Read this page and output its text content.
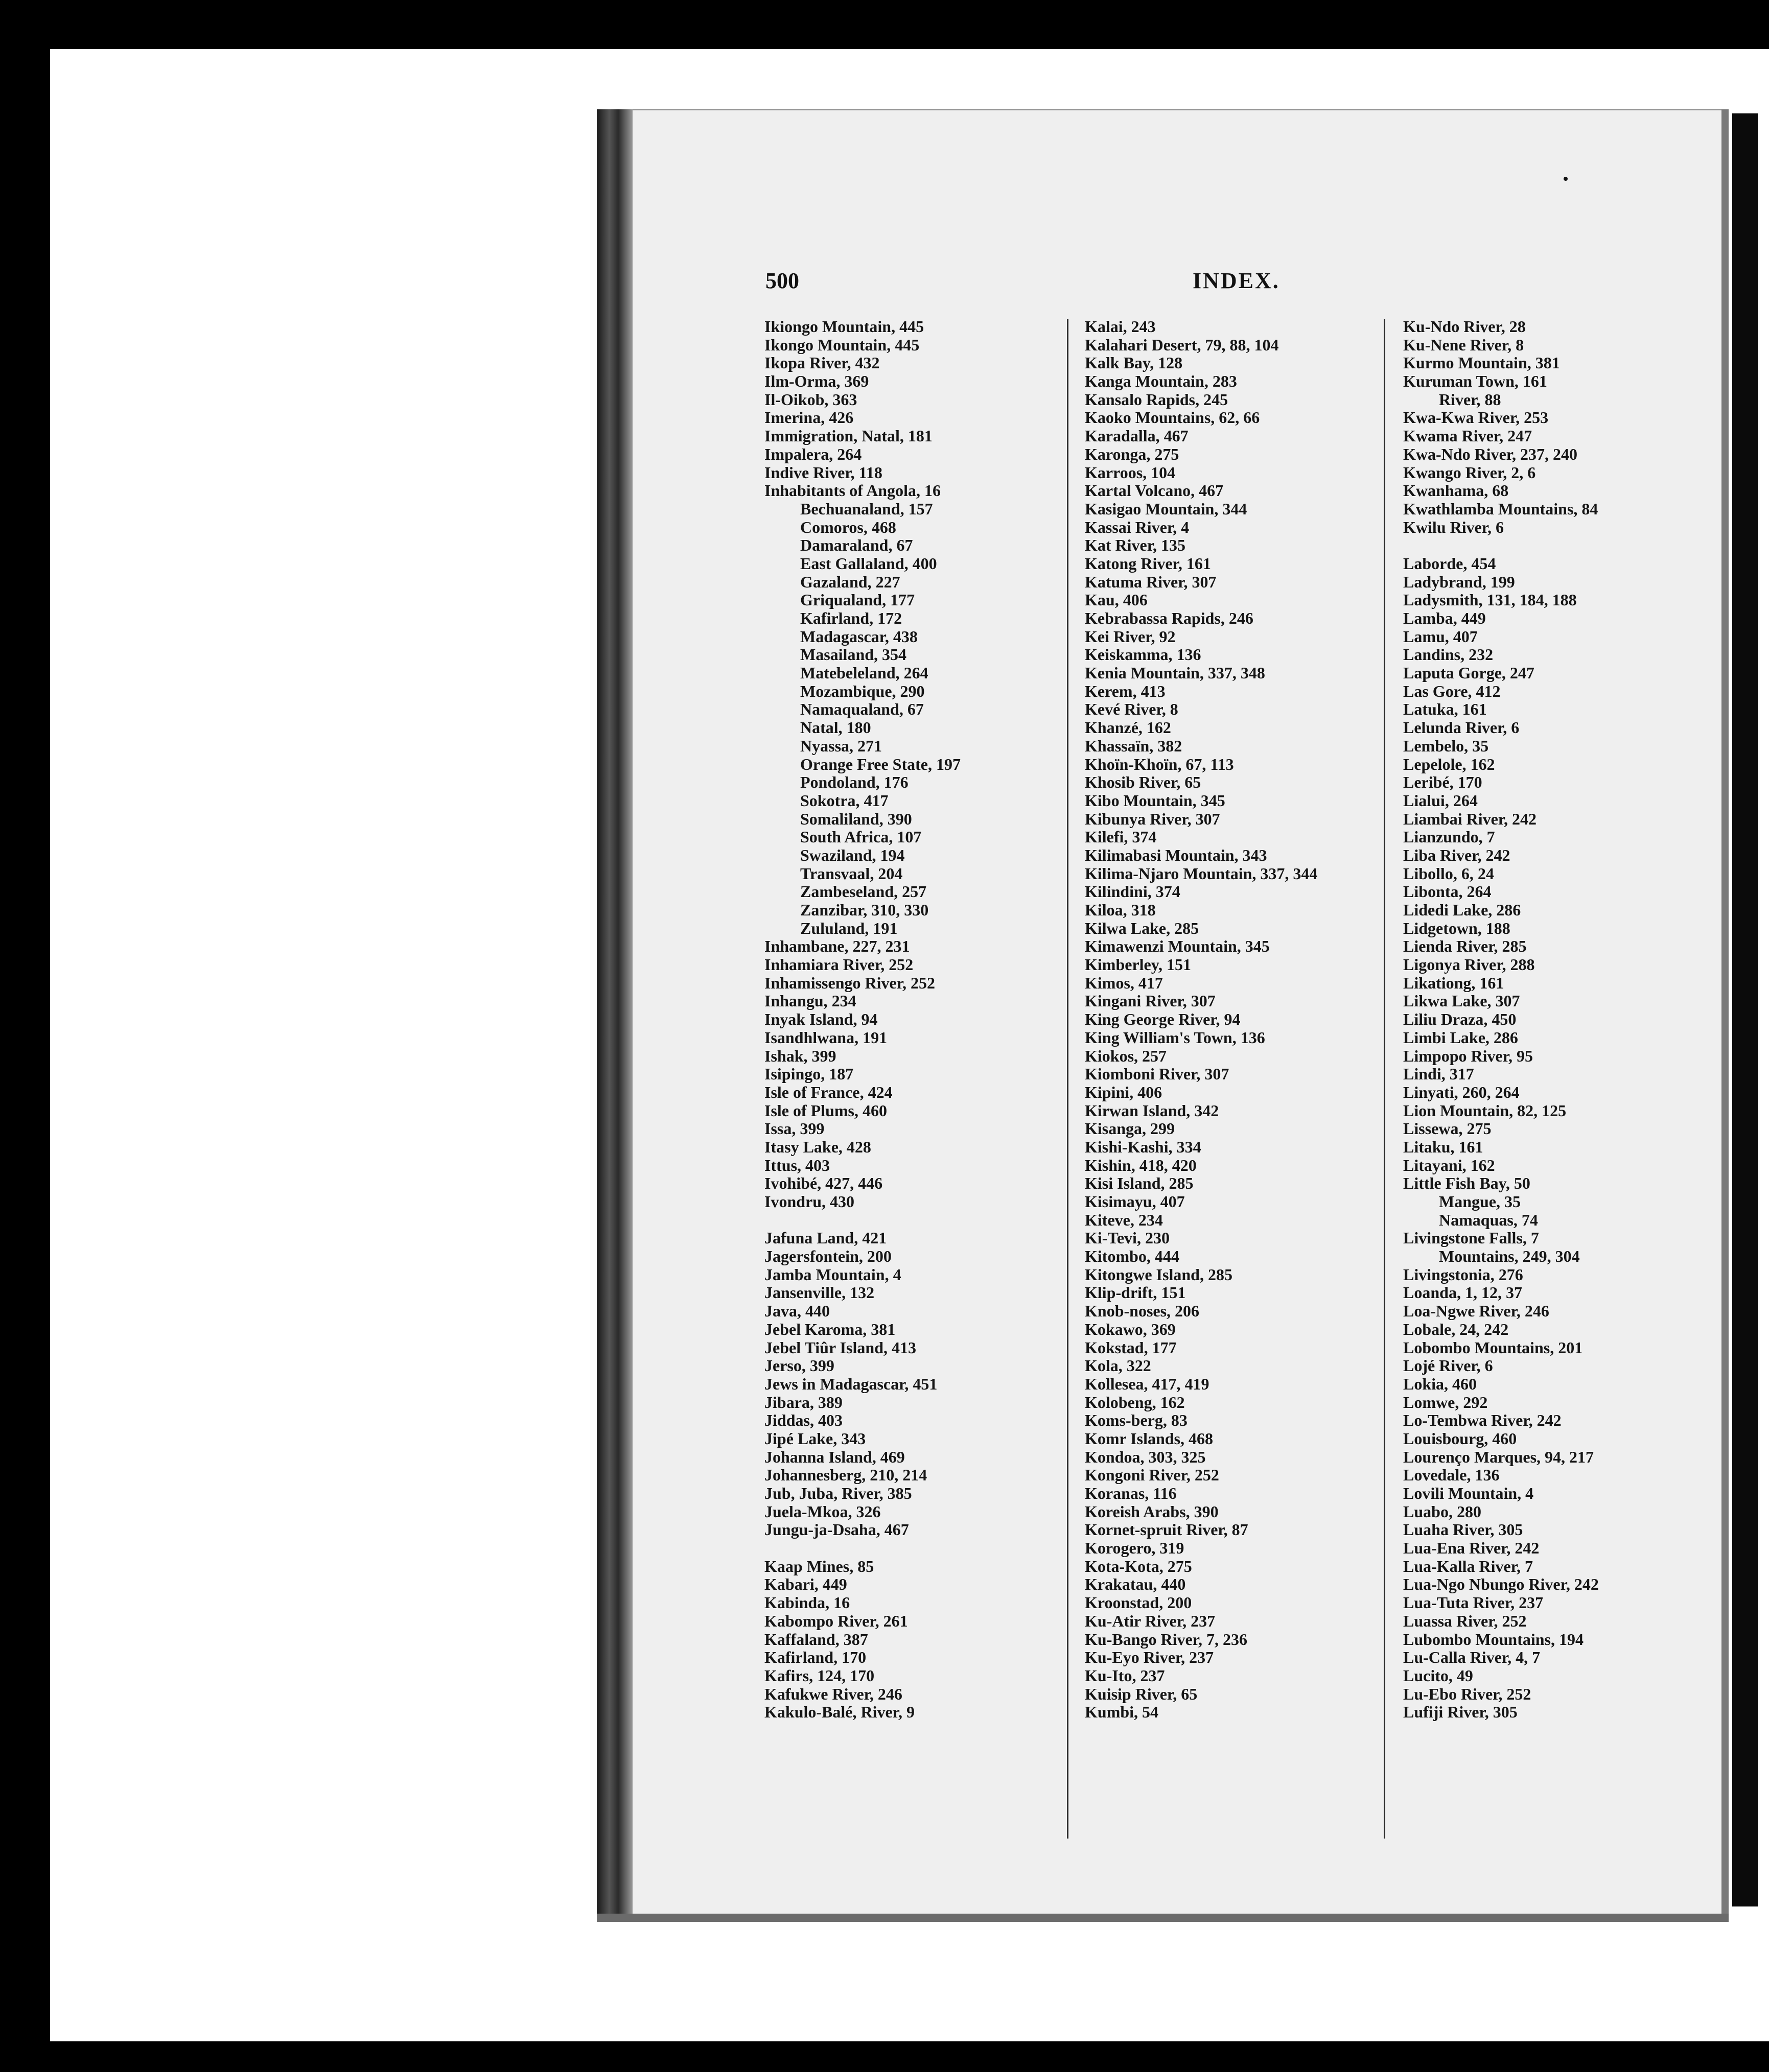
500	INDEX.
Ikiongo Mountain, 445
Ikongo Mountain, 445
Ikopa River, 432
Ilm-Orma, 369
Il-Oikob, 363
Imerina, 426
Immigration, Natal, 181
Impalera, 264
Indive River, 118
Inhabitants of Angola, 16
Bechuanaland, 157
Comoros, 468
Damaraland, 67
East Gallaland, 400
Gazaland, 227
Griqualand, 177
Kafirland, 172
Madagascar, 438
Masailand, 354
Matebeleland, 264
Mozambique, 290
Namaqualand, 67
Natal, 180
Nyassa, 271
Orange Free State, 197
Pondoland, 176
Sokotra, 417
Somaliland, 390
South Africa, 107
Swaziland, 194
Transvaal, 204
Zambeseland, 257
Zanzibar, 310, 330
Zululand, 191
Inhambane, 227, 231
Inhamiara River, 252
Inhamissengo River, 252
Inhangu, 234
Inyak Island, 94
Isandhlwana, 191
Ishak, 399
Isipingo, 187
Isle of France, 424
Isle of Plums, 460
Issa, 399
Itasy Lake, 428
Ittus, 403
Ivohibé, 427, 446
Ivondru, 430
Jafuna Land, 421
Jagersfontein, 200
Jamba Mountain, 4
Jansenville, 132
Java, 440
Jebel Karoma, 381
Jebel Tiûr Island, 413
Jerso, 399
Jews in Madagascar, 451
Jibara, 389
Jiddas, 403
Jipé Lake, 343
Johanna Island, 469
Johannesberg, 210, 214
Jub, Juba, River, 385
Juela-Mkoa, 326
Jungu-ja-Dsaha, 467
Kaap Mines, 85
Kabari, 449
Kabinda, 16
Kabompo River, 261
Kaffaland, 387
Kafirland, 170
Kafirs, 124, 170
Kafukwe River, 246
Kakulo-Balé, River, 9
Kalai, 243
Kalahari Desert, 79, 88, 104
Kalk Bay, 128
Kanga Mountain, 283
Kansalo Rapids, 245
Kaoko Mountains, 62, 66
Karadalla, 467
Karonga, 275
Karroos, 104
Kartal Volcano, 467
Kasigao Mountain, 344
Kassai River, 4
Kat River, 135
Katong River, 161
Katuma River, 307
Kau, 406
Kebrabassa Rapids, 246
Kei River, 92
Keiskamma, 136
Kenia Mountain, 337, 348
Kerem, 413
Kevé River, 8
Khanzé, 162
Khassaïn, 382
Khoïn-Khoïn, 67, 113
Khosib River, 65
Kibo Mountain, 345
Kibunya River, 307
Kilefi, 374
Kilimabasi Mountain, 343
Kilima-Njaro Mountain, 337, 344
Kilindini, 374
Kiloa, 318
Kilwa Lake, 285
Kimawenzi Mountain, 345
Kimberley, 151
Kimos, 417
Kingani River, 307
King George River, 94
King William's Town, 136
Kiokos, 257
Kiomboni River, 307
Kipini, 406
Kirwan Island, 342
Kisanga, 299
Kishi-Kashi, 334
Kishin, 418, 420
Kisi Island, 285
Kisimayu, 407
Kiteve, 234
Ki-Tevi, 230
Kitombo, 444
Kitongwe Island, 285
Klip-drift, 151
Knob-noses, 206
Kokawo, 369
Kokstad, 177
Kola, 322
Kollesea, 417, 419
Kolobeng, 162
Koms-berg, 83
Komr Islands, 468
Kondoa, 303, 325
Kongoni River, 252
Koranas, 116
Koreish Arabs, 390
Kornet-spruit River, 87
Korogero, 319
Kota-Kota, 275
Krakatau, 440
Kroonstad, 200
Ku-Atir River, 237
Ku-Bango River, 7, 236
Ku-Eyo River, 237
Ku-Ito, 237
Kuisip River, 65
Kumbi, 54
Ku-Ndo River, 28
Ku-Nene River, 8
Kurmo Mountain, 381
Kuruman Town, 161
River, 88
Kwa-Kwa River, 253
Kwama River, 247
Kwa-Ndo River, 237, 240
Kwango River, 2, 6
Kwanhama, 68
Kwathlamba Mountains, 84
Kwilu River, 6
Laborde, 454
Ladybrand, 199
Ladysmith, 131, 184, 188
Lamba, 449
Lamu, 407
Landins, 232
Laputa Gorge, 247
Las Gore, 412
Latuka, 161
Lelunda River, 6
Lembelo, 35
Lepelole, 162
Leribé, 170
Lialui, 264
Liambai River, 242
Lianzundo, 7
Liba River, 242
Libollo, 6, 24
Libonta, 264
Lidedi Lake, 286
Lidgetown, 188
Lienda River, 285
Ligonya River, 288
Likationg, 161
Likwa Lake, 307
Liliu Draza, 450
Limbi Lake, 286
Limpopo River, 95
Lindi, 317
Linyati, 260, 264
Lion Mountain, 82, 125
Lissewa, 275
Litaku, 161
Litayani, 162
Little Fish Bay, 50
Mangue, 35
Namaquas, 74
Livingstone Falls, 7
Mountains, 249, 304
Livingstonia, 276
Loanda, 1, 12, 37
Loa-Ngwe River, 246
Lobale, 24, 242
Lobombo Mountains, 201
Lojé River, 6
Lokia, 460
Lomwe, 292
Lo-Tembwa River, 242
Louisbourg, 460
Lourenço Marques, 94, 217
Lovedale, 136
Lovili Mountain, 4
Luabo, 280
Luaha River, 305
Lua-Ena River, 242
Lua-Kalla River, 7
Lua-Ngo Nbungo River, 242
Lua-Tuta River, 237
Luassa River, 252
Lubombo Mountains, 194
Lu-Calla River, 4, 7
Lucito, 49
Lu-Ebo River, 252
Lufiji River, 305
